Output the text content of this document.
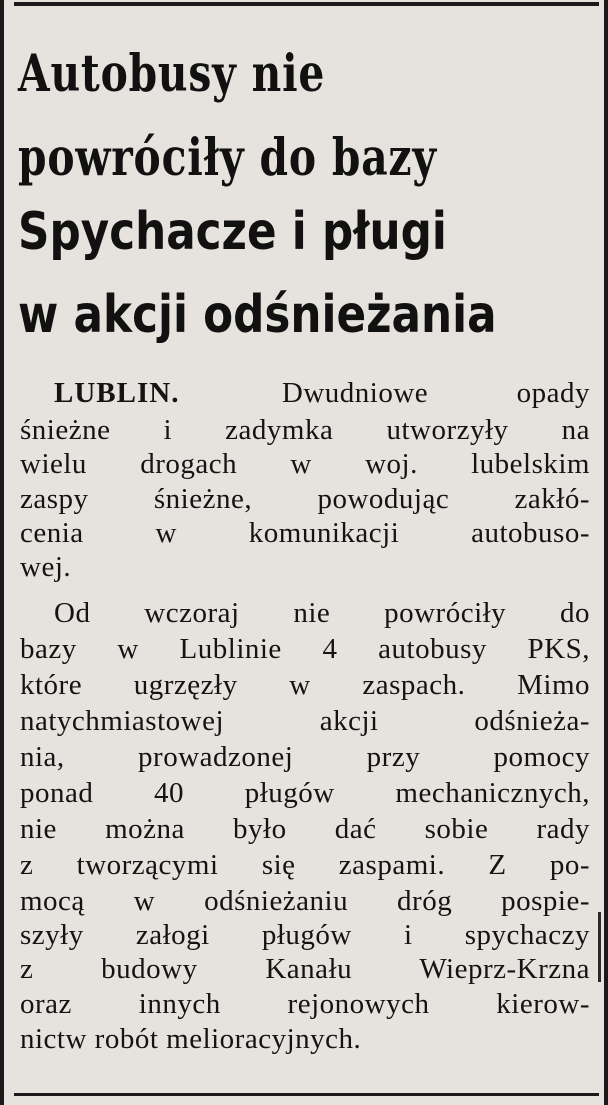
Autobusy nie
powróciły do bazy
Spychacze i pługi
w akcji odśnieżania
LUBLIN.	Dwudniowe opady
śnieżne i zadymka utworzyły na
wielu drogach w woj. lubelskim
zaspy śnieżne, powodując zakłó-
cenia w komunikacji autobuso-
wej.
Od wczoraj nie powróciły do
bazy w Lublinie 4 autobusy PKS,
które ugrzęzły w zaspach. Mimo
natychmiastowej akcji odśnieża-
nia, prowadzonej przy pomocy
ponad 40 pługów mechanicznych,
nie można było dać sobie rady
z tworzącymi się zaspami. Z po-
mocą w odśnieżaniu dróg pospie-
szyły załogi pługów i spychaczy
z budowy Kanału Wieprz-Krzna
oraz innych rejonowych kierow-
nictw robót melioracyjnych.
